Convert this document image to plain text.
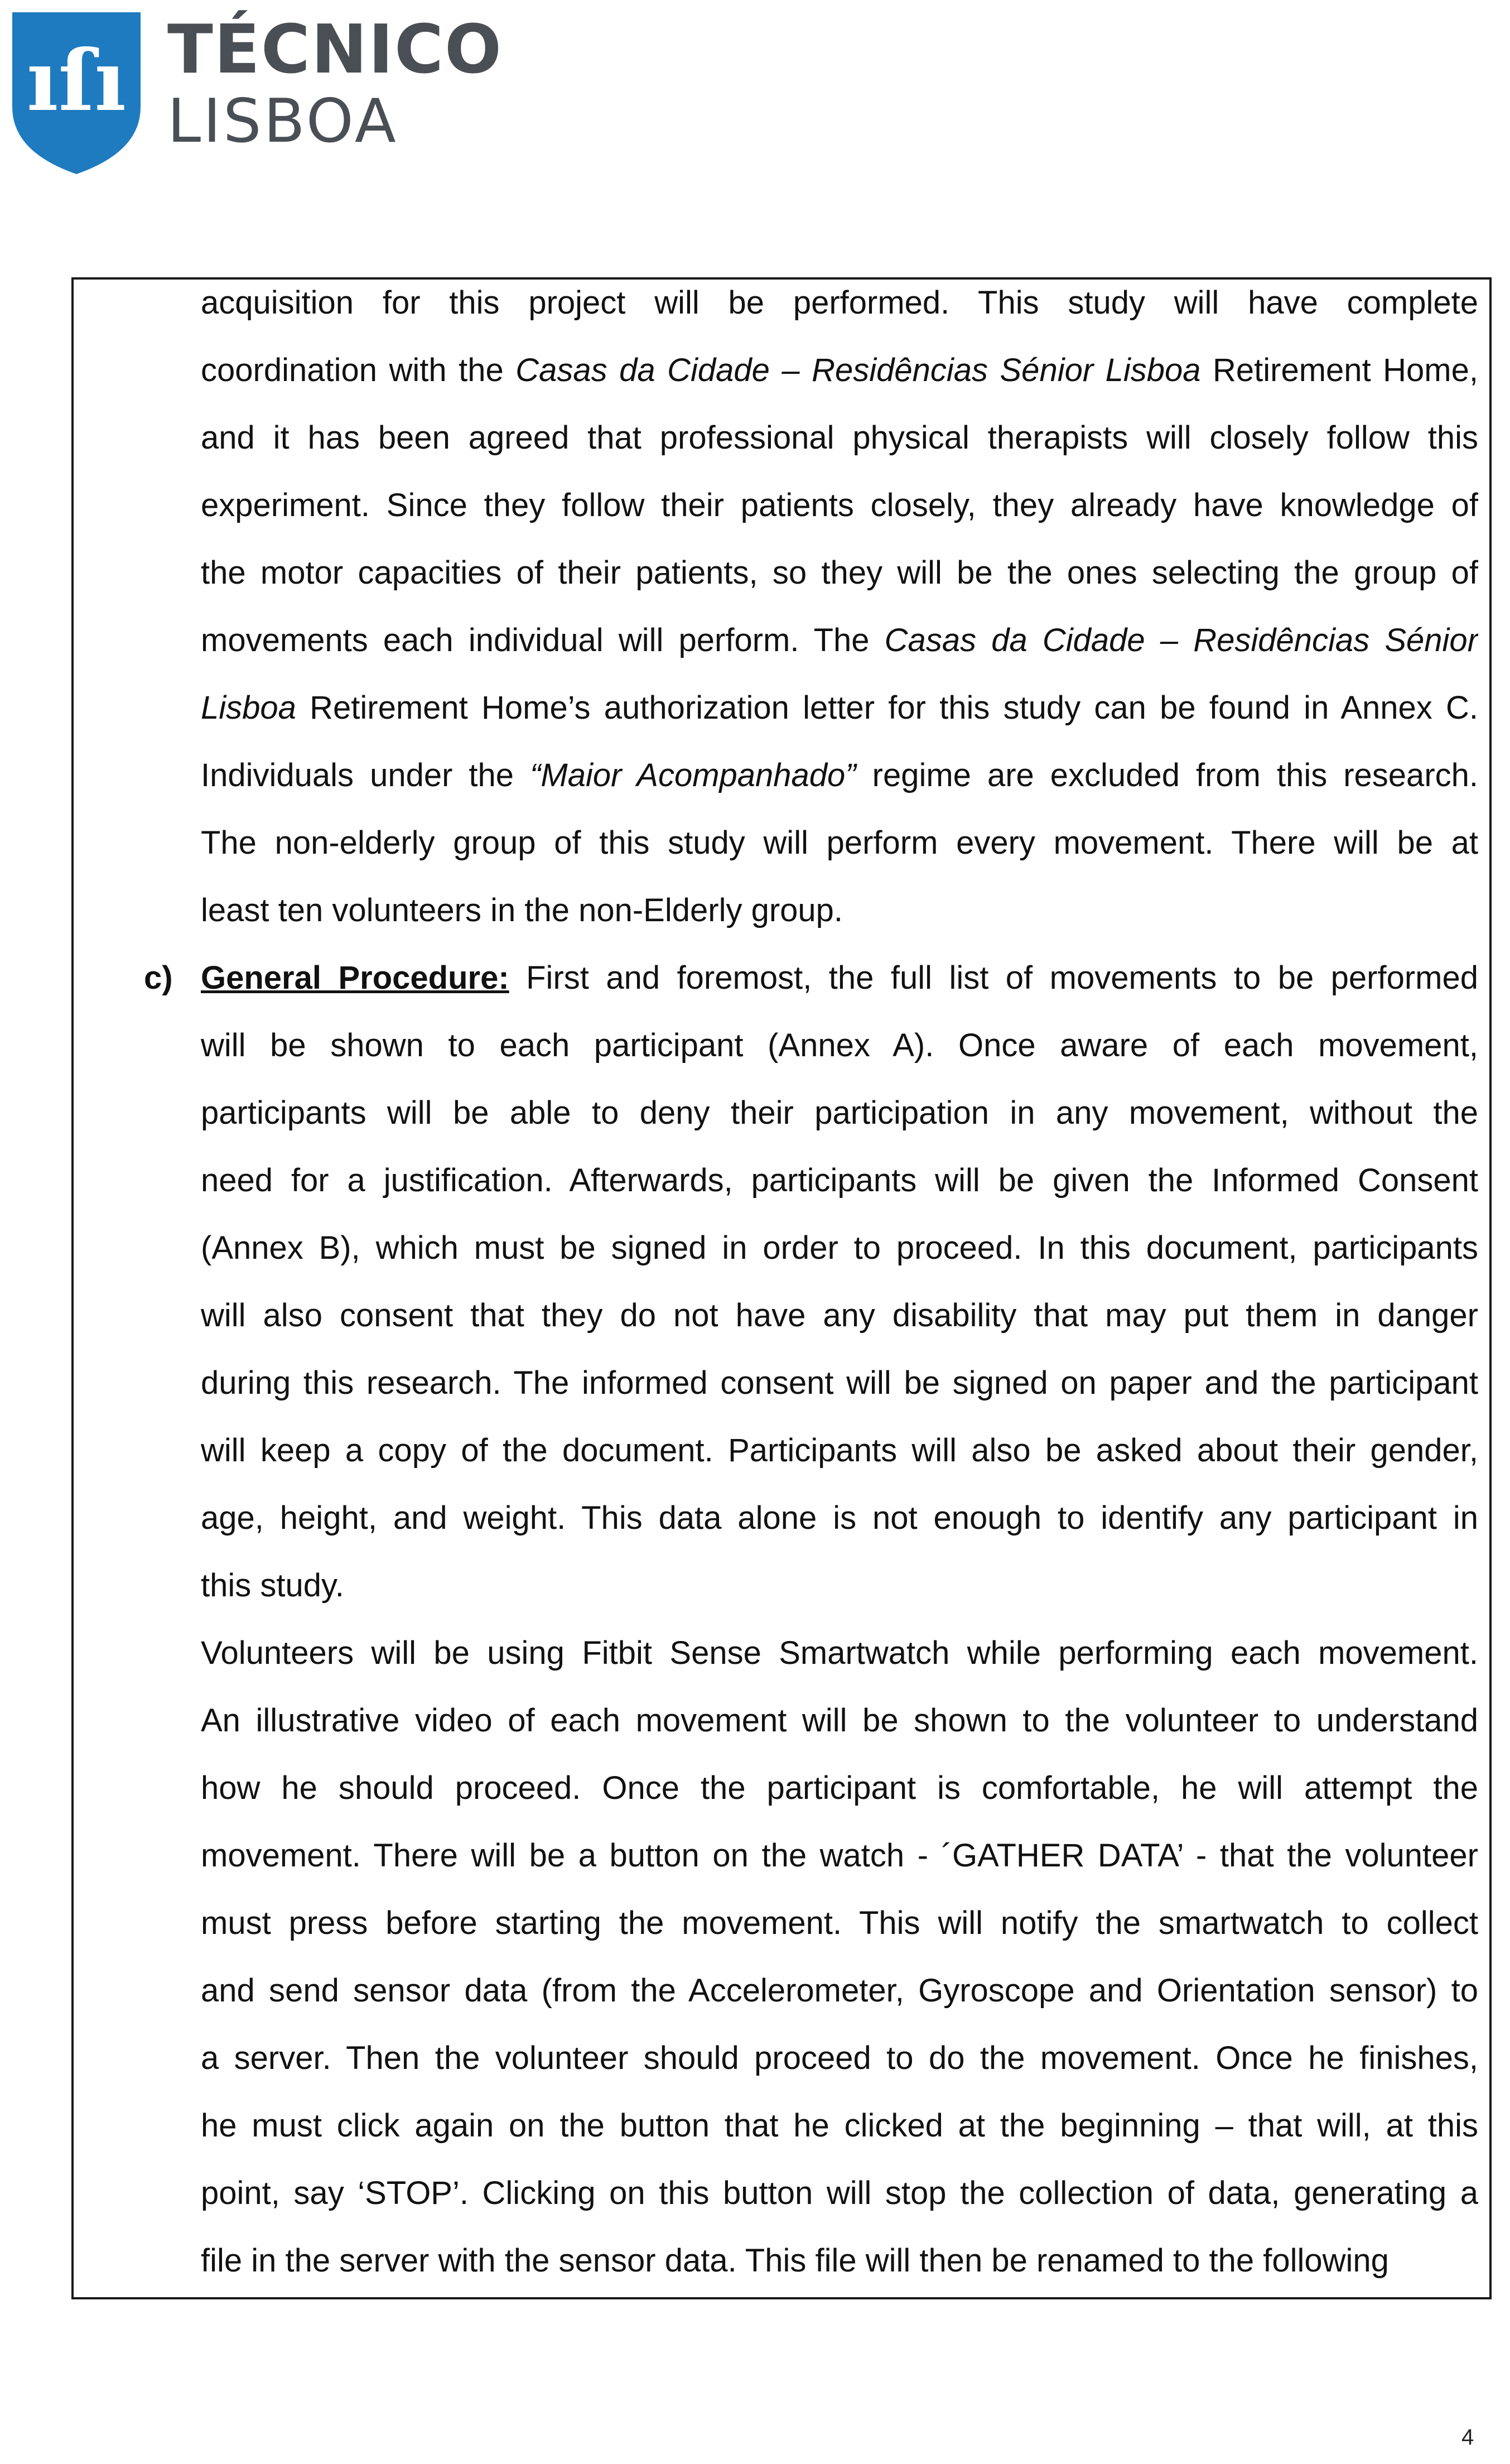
ıſı TÉCNICO
LISBOA
acquisition for this project will be performed. This study will have complete
coordination with the Casas da Cidade – Residências Sénior Lisboa Retirement Home,
and it has been agreed that professional physical therapists will closely follow this
experiment. Since they follow their patients closely, they already have knowledge of
the motor capacities of their patients, so they will be the ones selecting the group of
movements each individual will perform. The Casas da Cidade – Residências Sénior
Lisboa Retirement Home’s authorization letter for this study can be found in Annex C.
Individuals under the “Maior Acompanhado” regime are excluded from this research.
The non-elderly group of this study will perform every movement. There will be at
least ten volunteers in the non-Elderly group.
c) General Procedure: First and foremost, the full list of movements to be performed
will be shown to each participant (Annex A). Once aware of each movement,
participants will be able to deny their participation in any movement, without the
need for a justification. Afterwards, participants will be given the Informed Consent
(Annex B), which must be signed in order to proceed. In this document, participants
will also consent that they do not have any disability that may put them in danger
during this research. The informed consent will be signed on paper and the participant
will keep a copy of the document. Participants will also be asked about their gender,
age, height, and weight. This data alone is not enough to identify any participant in
this study.
Volunteers will be using Fitbit Sense Smartwatch while performing each movement.
An illustrative video of each movement will be shown to the volunteer to understand
how he should proceed. Once the participant is comfortable, he will attempt the
movement. There will be a button on the watch - ´GATHER DATA’ - that the volunteer
must press before starting the movement. This will notify the smartwatch to collect
and send sensor data (from the Accelerometer, Gyroscope and Orientation sensor) to
a server. Then the volunteer should proceed to do the movement. Once he finishes,
he must click again on the button that he clicked at the beginning – that will, at this
point, say ‘STOP’. Clicking on this button will stop the collection of data, generating a
file in the server with the sensor data. This file will then be renamed to the following
4
